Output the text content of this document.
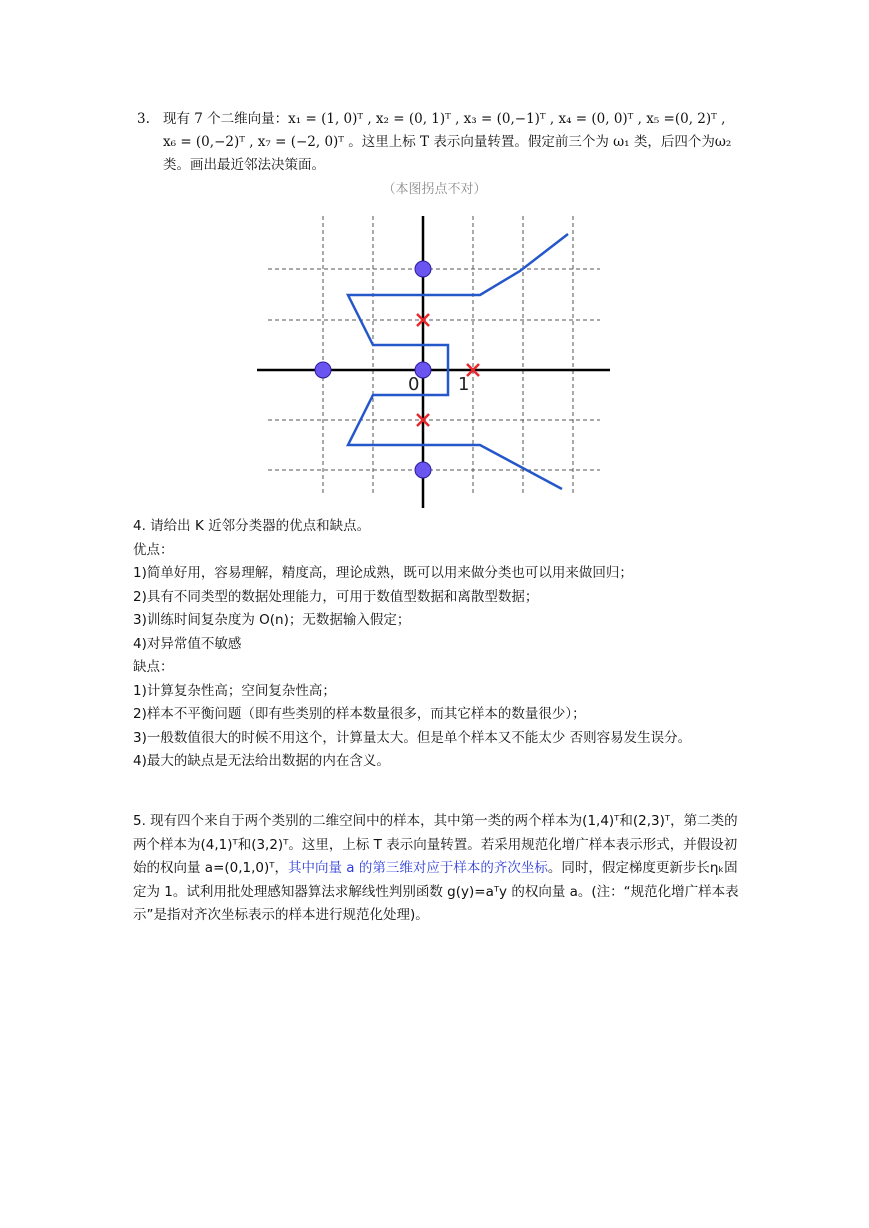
3. 现有 7 个二维向量：x₁ = (1, 0)ᵀ , x₂ = (0, 1)ᵀ , x₃ = (0,−1)ᵀ , x₄ = (0, 0)ᵀ , x₅ =(0, 2)ᵀ , x₆ = (0,−2)ᵀ , x₇ = (−2, 0)ᵀ 。这里上标 T 表示向量转置。假定前三个为 ω₁ 类，后四个为ω₂ 类。画出最近邻法决策面。
（本图拐点不对）
0 1
4. 请给出 K 近邻分类器的优点和缺点。
优点：
1)简单好用，容易理解，精度高，理论成熟，既可以用来做分类也可以用来做回归；
2)具有不同类型的数据处理能力，可用于数值型数据和离散型数据；
3)训练时间复杂度为 O(n)；无数据输入假定；
4)对异常值不敏感
缺点：
1)计算复杂性高；空间复杂性高；
2)样本不平衡问题（即有些类别的样本数量很多，而其它样本的数量很少）；
3)一般数值很大的时候不用这个，计算量太大。但是单个样本又不能太少 否则容易发生误分。
4)最大的缺点是无法给出数据的内在含义。
5. 现有四个来自于两个类别的二维空间中的样本，其中第一类的两个样本为(1,4)ᵀ和(2,3)ᵀ，第二类的两个样本为(4,1)ᵀ和(3,2)ᵀ。这里，上标 T 表示向量转置。若采用规范化增广样本表示形式，并假设初始的权向量 a=(0,1,0)ᵀ，其中向量 a 的第三维对应于样本的齐次坐标。同时，假定梯度更新步长ηₖ固定为 1。试利用批处理感知器算法求解线性判别函数 g(y)=aᵀy 的权向量 a。(注：“规范化增广样本表示”是指对齐次坐标表示的样本进行规范化处理)。
